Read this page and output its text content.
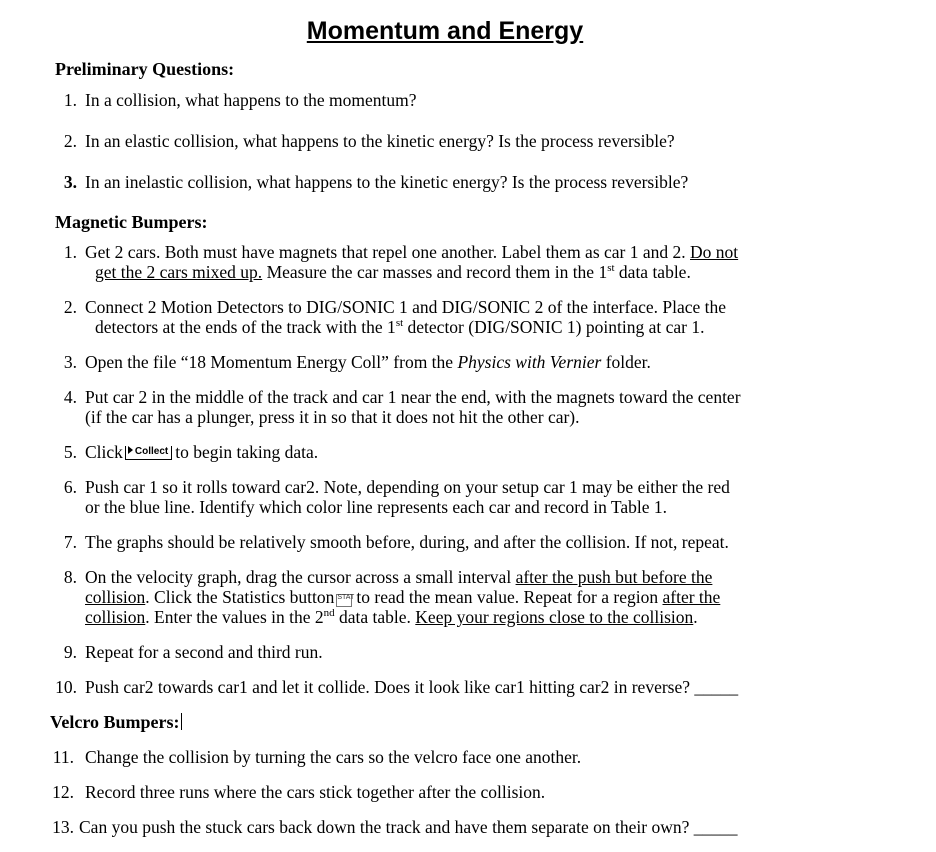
Momentum and Energy
Preliminary Questions:
1. In a collision, what happens to the momentum?
2. In an elastic collision, what happens to the kinetic energy? Is the process reversible?
3. In an inelastic collision, what happens to the kinetic energy? Is the process reversible?
Magnetic Bumpers:
1. Get 2 cars. Both must have magnets that repel one another. Label them as car 1 and 2. Do not
get the 2 cars mixed up. Measure the car masses and record them in the 1st data table.
2. Connect 2 Motion Detectors to DIG/SONIC 1 and DIG/SONIC 2 of the interface. Place the
detectors at the ends of the track with the 1st detector (DIG/SONIC 1) pointing at car 1.
3. Open the file “18 Momentum Energy Coll” from the Physics with Vernier folder.
4. Put car 2 in the middle of the track and car 1 near the end, with the magnets toward the center
(if the car has a plunger, press it in so that it does not hit the other car).
5. Click Collect to begin taking data.
6. Push car 1 so it rolls toward car2. Note, depending on your setup car 1 may be either the red
or the blue line. Identify which color line represents each car and record in Table 1.
7. The graphs should be relatively smooth before, during, and after the collision. If not, repeat.
8. On the velocity graph, drag the cursor across a small interval after the push but before the
collision. Click the Statistics button STAT to read the mean value. Repeat for a region after the
collision. Enter the values in the 2nd data table. Keep your regions close to the collision.
9. Repeat for a second and third run.
10. Push car2 towards car1 and let it collide. Does it look like car1 hitting car2 in reverse? _____
Velcro Bumpers:
11. Change the collision by turning the cars so the velcro face one another.
12. Record three runs where the cars stick together after the collision.
13. Can you push the stuck cars back down the track and have them separate on their own? _____
